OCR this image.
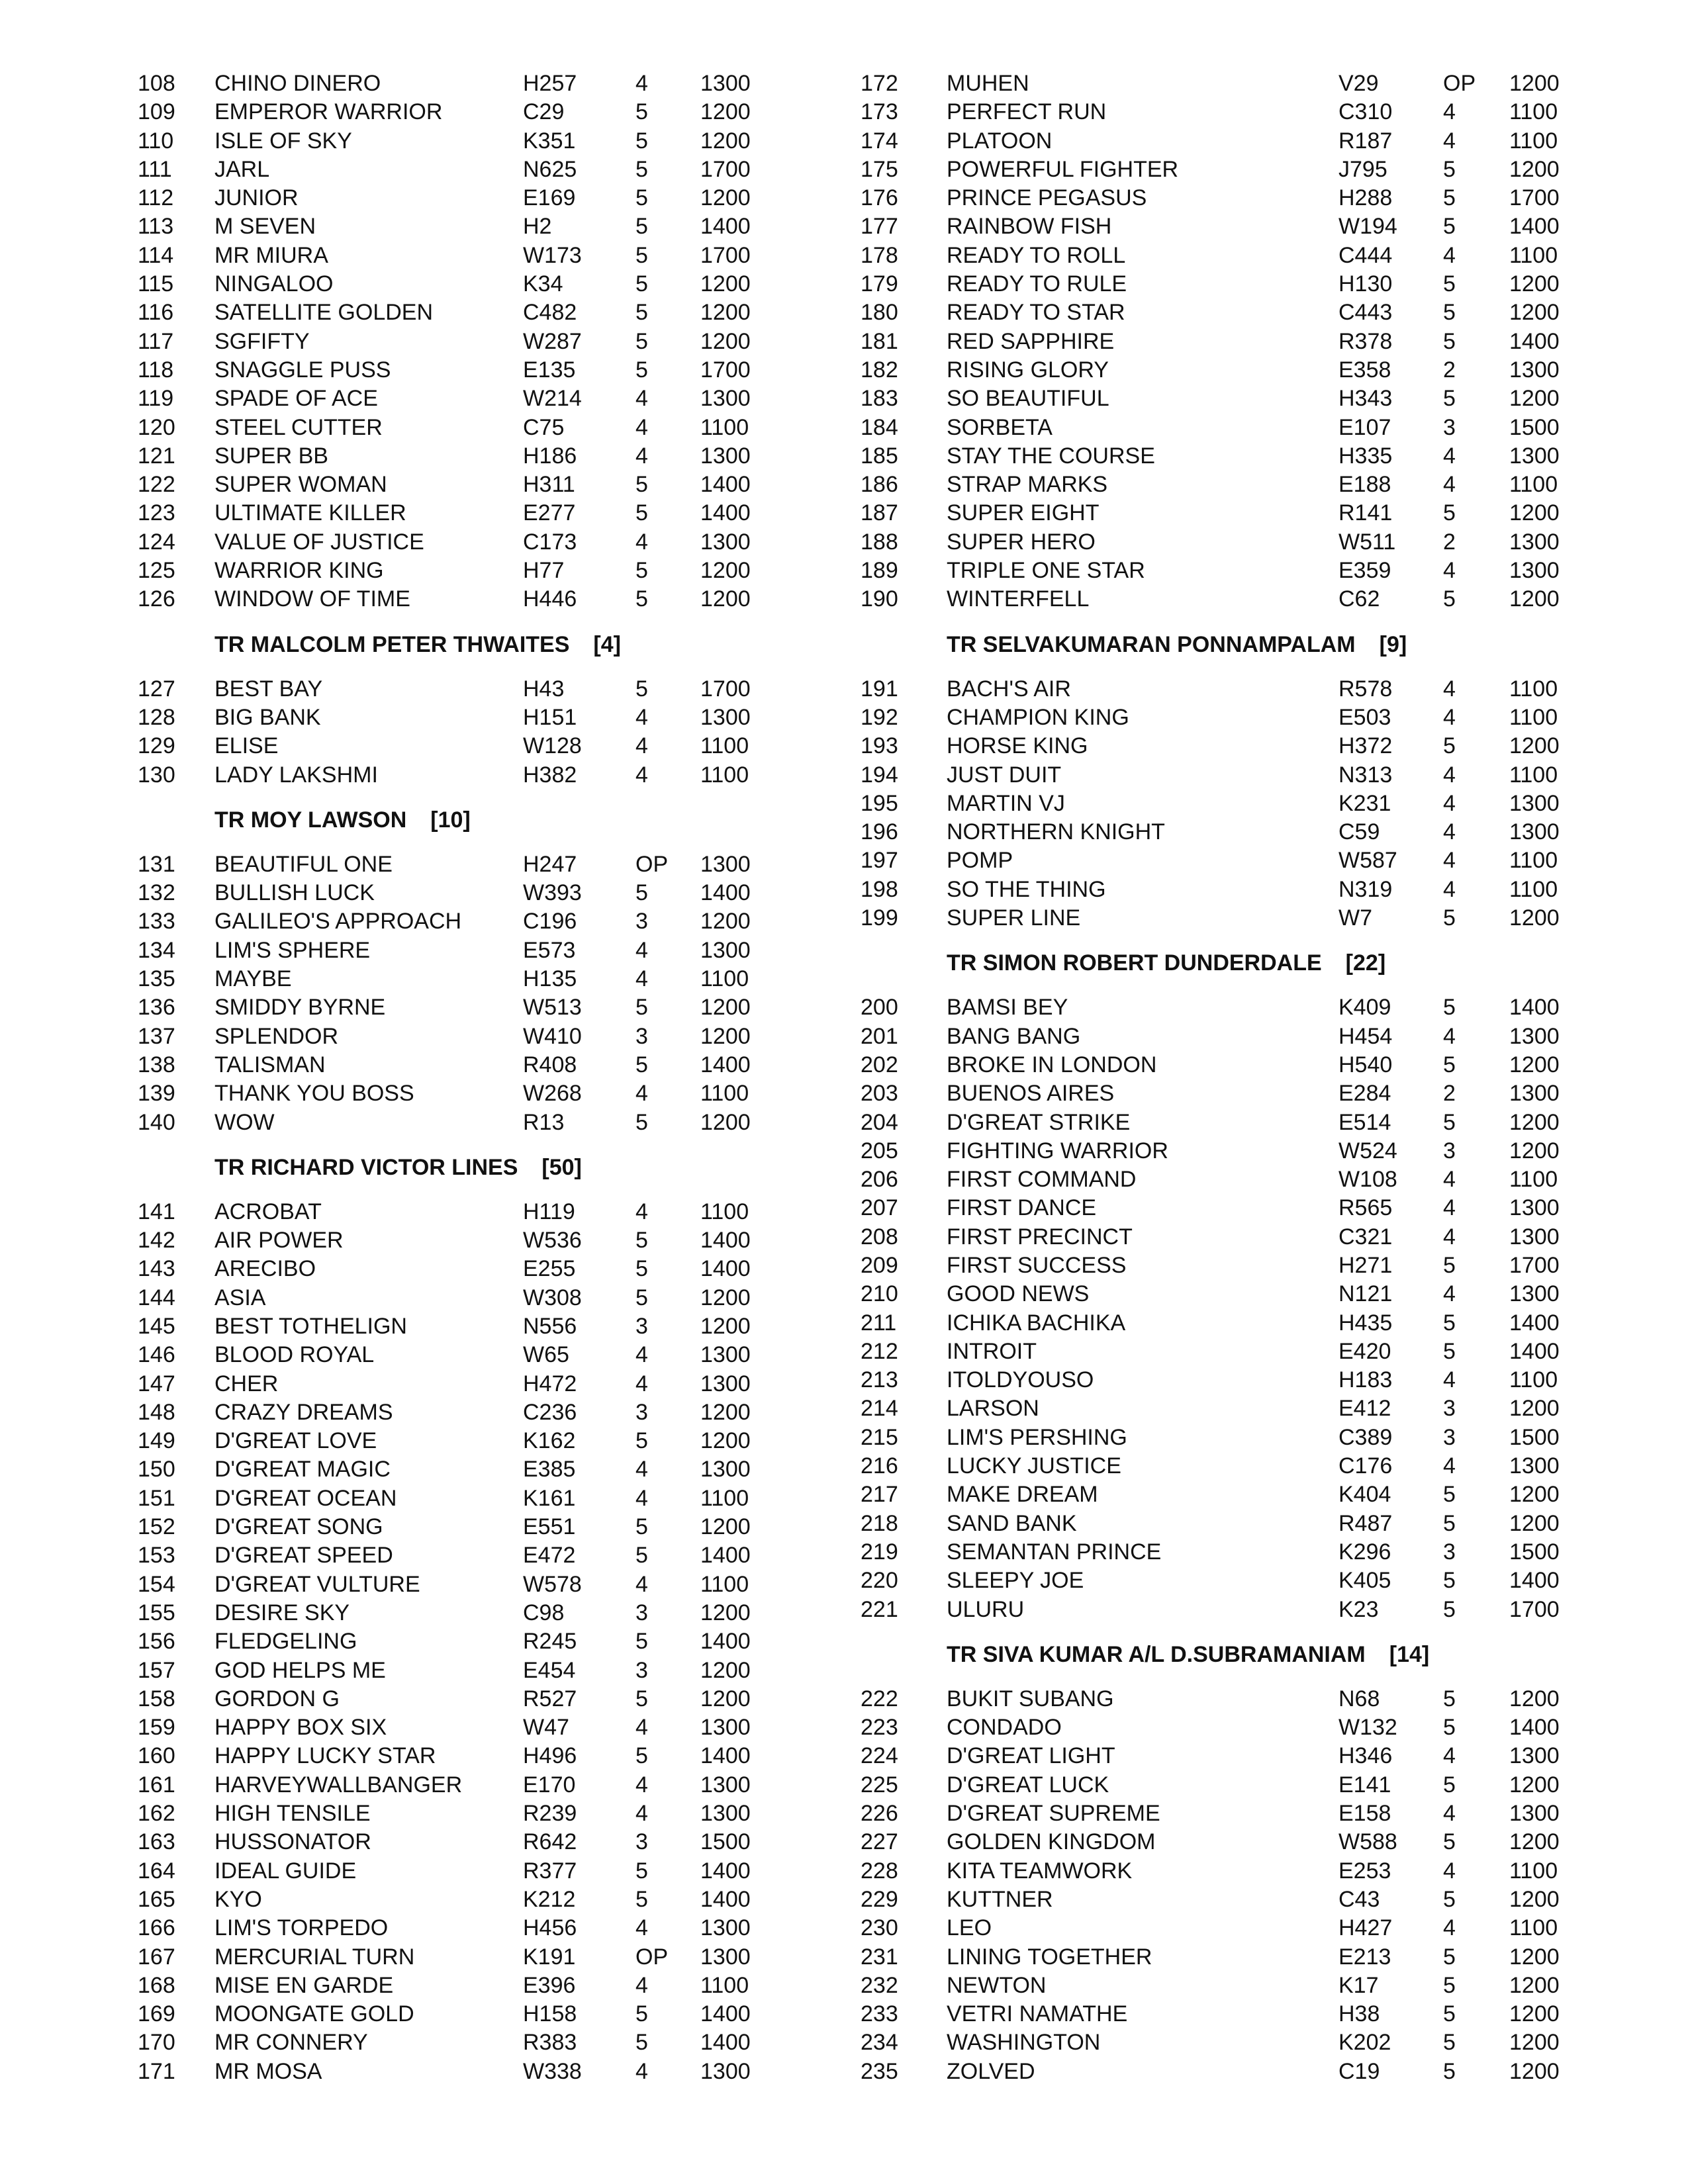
108 CHINO DINERO	H257	4 1300
109 EMPEROR WARRIOR	C29	5 1200
110 ISLE OF SKY	K351	5 1200
111 JARL	N625	5 1700
112 JUNIOR	E169	5 1200
113 M SEVEN	H2	5 1400
114 MR MIURA	W173 5 1700
115 NINGALOO	K34	5 1200
116 SATELLITE GOLDEN	C482	5 1200
117 SGFIFTY	W287 5 1200
118 SNAGGLE PUSS	E135	5 1700
119 SPADE OF ACE	W214 4 1300
120 STEEL CUTTER	C75	4 1100
121 SUPER BB	H186	4 1300
122 SUPER WOMAN	H311	5 1400
123 ULTIMATE KILLER	E277	5 1400
124 VALUE OF JUSTICE	C173	4 1300
125 WARRIOR KING	H77	5 1200
126 WINDOW OF TIME	H446	5 1200
TR MALCOLM PETER THWAITES [4]
127 BEST BAY	H43	5 1700
128 BIG BANK	H151	4 1300
129 ELISE	W128 4 1100
130 LADY LAKSHMI	H382	4 1100
TR MOY LAWSON [10]
131 BEAUTIFUL ONE	H247	OP 1300
132 BULLISH LUCK	W393 5 1400
133 GALILEO'S APPROACH	C196	3 1200
134 LIM'S SPHERE	E573	4 1300
135 MAYBE	H135	4 1100
136 SMIDDY BYRNE	W513 5 1200
137 SPLENDOR	W410 3 1200
138 TALISMAN	R408	5 1400
139 THANK YOU BOSS	W268 4 1100
140 WOW	R13	5 1200
TR RICHARD VICTOR LINES [50]
141 ACROBAT	H119	4 1100
142 AIR POWER	W536 5 1400
143 ARECIBO	E255	5 1400
144 ASIA	W308 5 1200
145 BEST TOTHELIGN	N556	3 1200
146 BLOOD ROYAL	W65	4 1300
147 CHER	H472	4 1300
148 CRAZY DREAMS	C236	3 1200
149 D'GREAT LOVE	K162	5 1200
150 D'GREAT MAGIC	E385	4 1300
151 D'GREAT OCEAN	K161	4 1100
152 D'GREAT SONG	E551	5 1200
153 D'GREAT SPEED	E472	5 1400
154 D'GREAT VULTURE	W578 4 1100
155 DESIRE SKY	C98	3 1200
156 FLEDGELING	R245	5 1400
157 GOD HELPS ME	E454	3 1200
158 GORDON G	R527	5 1200
159 HAPPY BOX SIX	W47	4 1300
160 HAPPY LUCKY STAR	H496	5 1400
161 HARVEYWALLBANGER	E170	4 1300
162 HIGH TENSILE	R239	4 1300
163 HUSSONATOR	R642	3 1500
164 IDEAL GUIDE	R377	5 1400
165 KYO	K212	5 1400
166 LIM'S TORPEDO	H456	4 1300
167 MERCURIAL TURN	K191	OP 1300
168 MISE EN GARDE	E396	4 1100
169 MOONGATE GOLD	H158	5 1400
170 MR CONNERY	R383	5 1400
171 MR MOSA	W338 4 1300
172 MUHEN	V29	OP 1200
173 PERFECT RUN	C310 4 1100
174 PLATOON	R187 4 1100
175 POWERFUL FIGHTER	J795 5 1200
176 PRINCE PEGASUS	H288 5 1700
177 RAINBOW FISH	W194 5 1400
178 READY TO ROLL	C444 4 1100
179 READY TO RULE	H130 5 1200
180 READY TO STAR	C443 5 1200
181 RED SAPPHIRE	R378 5 1400
182 RISING GLORY	E358 2 1300
183 SO BEAUTIFUL	H343 5 1200
184 SORBETA	E107 3 1500
185 STAY THE COURSE	H335 4 1300
186 STRAP MARKS	E188 4 1100
187 SUPER EIGHT	R141 5 1200
188 SUPER HERO	W511 2 1300
189 TRIPLE ONE STAR	E359 4 1300
190 WINTERFELL	C62	5 1200
TR SELVAKUMARAN PONNAMPALAM [9]
191 BACH'S AIR	R578 4 1100
192 CHAMPION KING	E503 4 1100
193 HORSE KING	H372 5 1200
194 JUST DUIT	N313 4 1100
195 MARTIN VJ	K231 4 1300
196 NORTHERN KNIGHT	C59	4 1300
197 POMP	W587 4 1100
198 SO THE THING	N319 4 1100
199 SUPER LINE	W7	5 1200
TR SIMON ROBERT DUNDERDALE [22]
200 BAMSI BEY	K409 5 1400
201 BANG BANG	H454 4 1300
202 BROKE IN LONDON	H540 5 1200
203 BUENOS AIRES	E284 2 1300
204 D'GREAT STRIKE	E514 5 1200
205 FIGHTING WARRIOR	W524 3 1200
206 FIRST COMMAND	W108 4 1100
207 FIRST DANCE	R565 4 1300
208 FIRST PRECINCT	C321 4 1300
209 FIRST SUCCESS	H271 5 1700
210 GOOD NEWS	N121 4 1300
211 ICHIKA BACHIKA	H435 5 1400
212 INTROIT	E420 5 1400
213 ITOLDYOUSO	H183 4 1100
214 LARSON	E412 3 1200
215 LIM'S PERSHING	C389 3 1500
216 LUCKY JUSTICE	C176 4 1300
217 MAKE DREAM	K404 5 1200
218 SAND BANK	R487 5 1200
219 SEMANTAN PRINCE	K296 3 1500
220 SLEEPY JOE	K405 5 1400
221 ULURU	K23	5 1700
TR SIVA KUMAR A/L D.SUBRAMANIAM [14]
222 BUKIT SUBANG	N68	5 1200
223 CONDADO	W132 5 1400
224 D'GREAT LIGHT	H346 4 1300
225 D'GREAT LUCK	E141 5 1200
226 D'GREAT SUPREME	E158 4 1300
227 GOLDEN KINGDOM	W588 5 1200
228 KITA TEAMWORK	E253 4 1100
229 KUTTNER	C43	5 1200
230 LEO	H427 4 1100
231 LINING TOGETHER	E213 5 1200
232 NEWTON	K17	5 1200
233 VETRI NAMATHE	H38	5 1200
234 WASHINGTON	K202 5 1200
235 ZOLVED	C19	5 1200
